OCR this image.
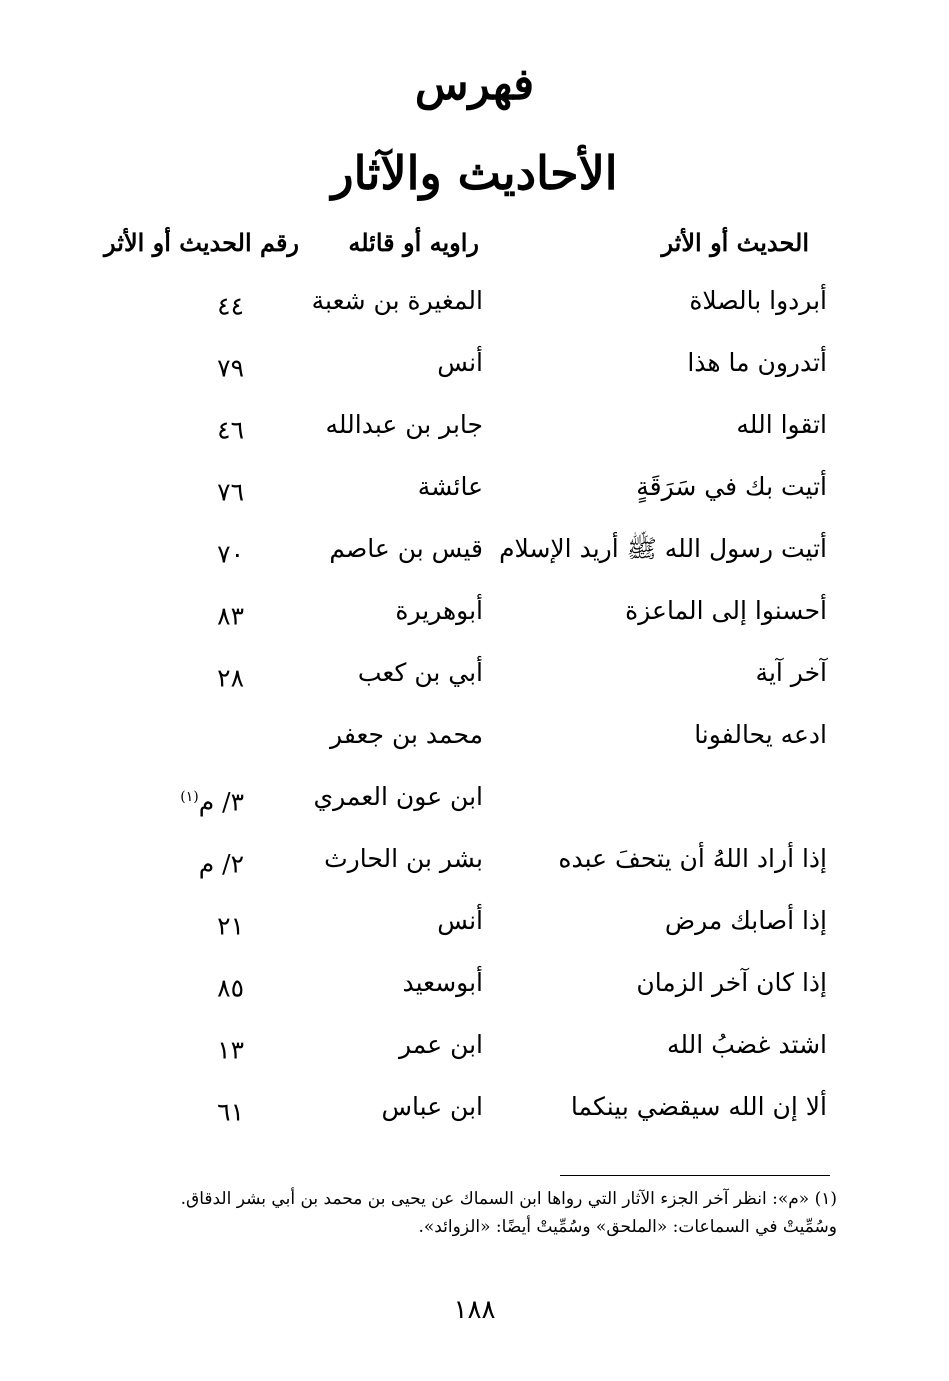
فهرس
الأحاديث والآثار
الحديث أو الأثر
راويه أو قائله
رقم الحديث أو الأثر
أبردوا بالصلاة
المغيرة بن شعبة
٤٤
أتدرون ما هذا
أنس
٧٩
اتقوا الله
جابر بن عبدالله
٤٦
أتيت بك في سَرَقَةٍ
عائشة
٧٦
أتيت رسول الله ﷺ أريد الإسلام
قيس بن عاصم
٧٠
أحسنوا إلى الماعزة
أبوهريرة
٨٣
آخر آية
أبي بن كعب
٢٨
ادعه يحالفونا
محمد بن جعفر
ابن عون العمري
٣/ م$^{(١)}$
إذا أراد اللهُ أن يتحفَ عبده
بشر بن الحارث
٢/ م
إذا أصابك مرض
أنس
٢١
إذا كان آخر الزمان
أبوسعيد
٨٥
اشتد غضبُ الله
ابن عمر
١٣
ألا إن الله سيقضي بينكما
ابن عباس
٦١
(١) «م»: انظر آخر الجزء الآثار التي رواها ابن السماك عن يحيى بن محمد بن أبي بشر الدقاق.
وسُمِّيتْ في السماعات: «الملحق» وسُمِّيتْ أيضًا: «الزوائد».
١٨٨
